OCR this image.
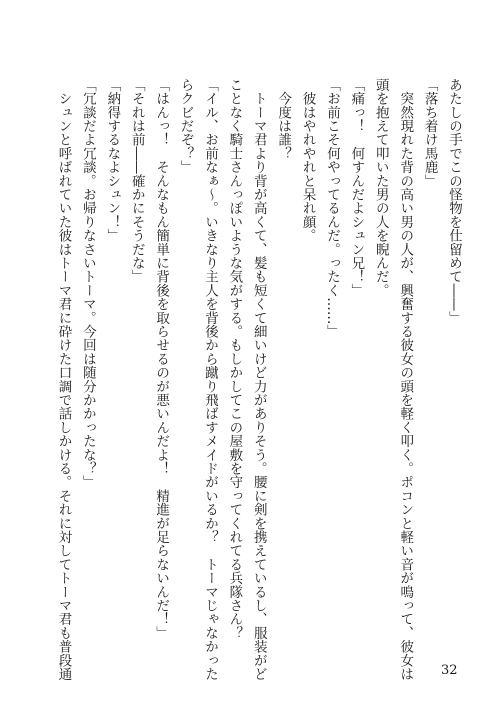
あたしの手でこの怪物を仕留めて――」

「落ち着け馬鹿」

　突然現れた背の高い男の人が、興奮する彼女の頭を軽く叩く。ポコンと軽い音が鳴って、彼女は

頭を抱えて叩いた男の人を睨んだ。

「痛っ！　何すんだよシュン兄！」

「お前こそ何やってるんだ。ったく……」

　彼はやれやれと呆れ顔。

　今度は誰？

　トーマ君より背が高くて、髪も短くて細いけど力がありそう。腰に剣を携えているし、服装がど

ことなく騎士さんっぽいような気がする。もしかしてこの屋敷を守ってくれてる兵隊さん？

「イル、お前なぁ～。いきなり主人を背後から蹴り飛ばすメイドがいるか？　トーマじゃなかった

らクビだぞ？」

「はんっ！　そんなもん簡単に背後を取らせるのが悪いんだよ！　精進が足らないんだ！」

「それは前――確かにそうだな」

「納得するなよシュン！」

「冗談だよ冗談。お帰りなさいトーマ。今回は随分かかったな？」

　シュンと呼ばれていた彼はトーマ君に砕けた口調で話しかける。それに対してトーマ君も普段通	32
